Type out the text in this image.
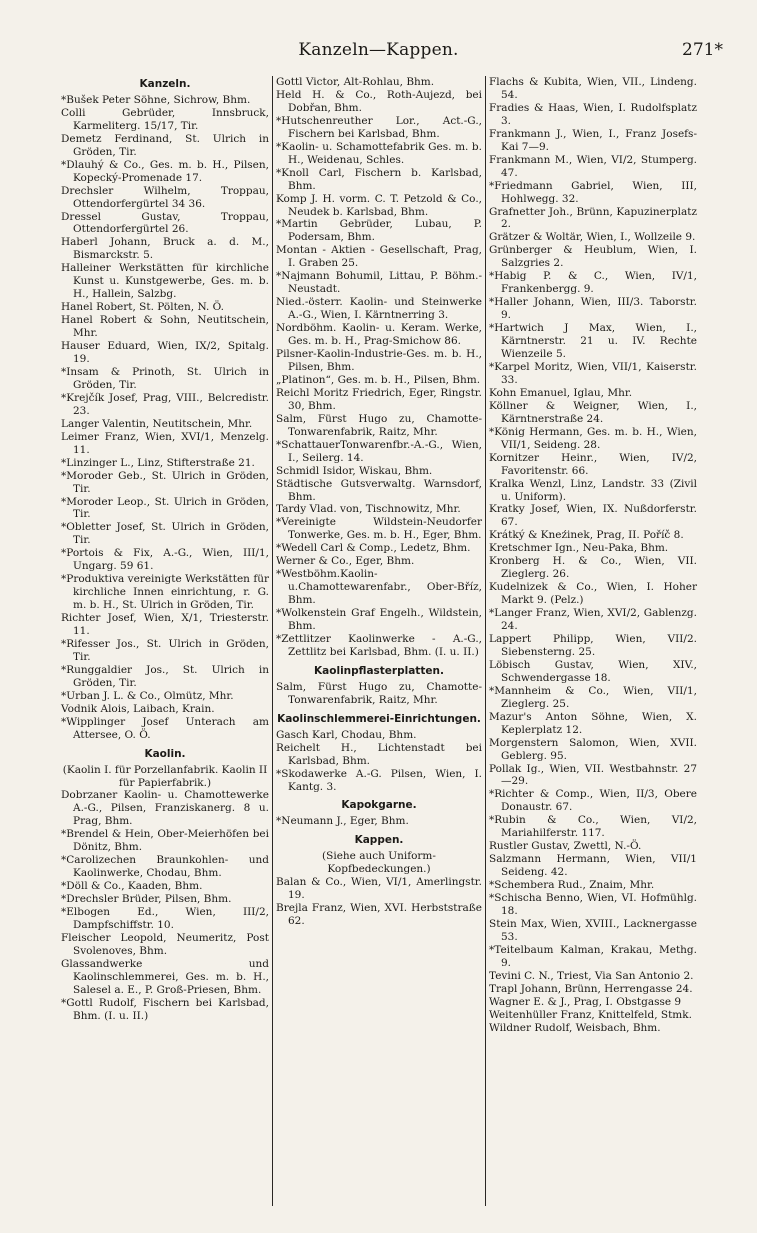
Kanzeln—Kappen.	271*
Kanzeln.
*Bušek Peter Söhne, Sichrow, Bhm.
Colli Gebrüder, Innsbruck, Karmeliterg. 15/17, Tir.
Demetz Ferdinand, St. Ulrich in Gröden, Tir.
*Dlauhý & Co., Ges. m. b. H., Pilsen, Kopecký-Promenade 17.
Drechsler Wilhelm, Troppau, Ottendorfergürtel 34 36.
Dressel Gustav, Troppau, Ottendorfergürtel 26.
Haberl Johann, Bruck a. d. M., Bismarckstr. 5.
Halleiner Werkstätten für kirchliche Kunst u. Kunstgewerbe, Ges. m. b. H., Hallein, Salzbg.
Hanel Robert, St. Pölten, N. Ö.
Hanel Robert & Sohn, Neutitschein, Mhr.
Hauser Eduard, Wien, IX/2, Spitalg. 19.
*Insam & Prinoth, St. Ulrich in Gröden, Tir.
*Krejčík Josef, Prag, VIII., Belcredistr. 23.
Langer Valentin, Neutitschein, Mhr.
Leimer Franz, Wien, XVI/1, Menzelg. 11.
*Linzinger L., Linz, Stifterstraße 21.
*Moroder Geb., St. Ulrich in Gröden, Tir.
*Moroder Leop., St. Ulrich in Gröden, Tir.
*Obletter Josef, St. Ulrich in Gröden, Tir.
*Portois & Fix, A.-G., Wien, III/1, Ungarg. 59 61.
*Produktiva vereinigte Werkstätten für kirchliche Innen einrichtung, r. G. m. b. H., St. Ulrich in Gröden, Tir.
Richter Josef, Wien, X/1, Triesterstr. 11.
*Rifesser Jos., St. Ulrich in Gröden, Tir.
*Runggaldier Jos., St. Ulrich in Gröden, Tir.
*Urban J. L. & Co., Olmütz, Mhr.
Vodnik Alois, Laibach, Krain.
*Wipplinger Josef Unterach am Attersee, O. Ö.
Kaolin.
(Kaolin I. für Porzellanfabrik. Kaolin II für Papierfabrik.)
Dobrzaner Kaolin- u. Chamottewerke A.-G., Pilsen, Franziskanerg. 8 u. Prag, Bhm.
*Brendel & Hein, Ober-Meierhöfen bei Dönitz, Bhm.
*Carolizechen Braunkohlen- und Kaolinwerke, Chodau, Bhm.
*Döll & Co., Kaaden, Bhm.
*Drechsler Brüder, Pilsen, Bhm.
*Elbogen Ed., Wien, III/2, Dampfschiffstr. 10.
Fleischer Leopold, Neumeritz, Post Svolenoves, Bhm.
Glassandwerke und Kaolinschlemmerei, Ges. m. b. H., Salesel a. E., P. Groß-Priesen, Bhm.
*Gottl Rudolf, Fischern bei Karlsbad, Bhm. (I. u. II.)
Gottl Victor, Alt-Rohlau, Bhm.
Held H. & Co., Roth-Aujezd, bei Dobřan, Bhm.
*Hutschenreuther Lor., Act.-G., Fischern bei Karlsbad, Bhm.
*Kaolin- u. Schamottefabrik Ges. m. b. H., Weidenau, Schles.
*Knoll Carl, Fischern b. Karlsbad, Bhm.
Komp J. H. vorm. C. T. Petzold & Co., Neudek b. Karlsbad, Bhm.
*Martin Gebrüder, Lubau, P. Podersam, Bhm.
Montan - Aktien - Gesellschaft, Prag, I. Graben 25.
*Najmann Bohumil, Littau, P. Böhm.-Neustadt.
Nied.-österr. Kaolin- und Steinwerke A.-G., Wien, I. Kärntnerring 3.
Nordböhm. Kaolin- u. Keram. Werke, Ges. m. b. H., Prag-Smichow 86.
Pilsner-Kaolin-Industrie-Ges. m. b. H., Pilsen, Bhm.
„Platinon“, Ges. m. b. H., Pilsen, Bhm.
Reichl Moritz Friedrich, Eger, Ringstr. 30, Bhm.
Salm, Fürst Hugo zu, Chamotte-Tonwarenfabrik, Raitz, Mhr.
*SchattauerTonwarenfbr.-A.-G., Wien, I., Seilerg. 14.
Schmidl Isidor, Wiskau, Bhm.
Städtische Gutsverwaltg. Warnsdorf, Bhm.
Tardy Vlad. von, Tischnowitz, Mhr.
*Vereinigte Wildstein-Neudorfer Tonwerke, Ges. m. b. H., Eger, Bhm.
*Wedell Carl & Comp., Ledetz, Bhm.
Werner & Co., Eger, Bhm.
*Westböhm.Kaolin-u.Chamottewarenfabr., Ober-Bříz, Bhm.
*Wolkenstein Graf Engelh., Wildstein, Bhm.
*Zettlitzer Kaolinwerke - A.-G., Zettlitz bei Karlsbad, Bhm. (I. u. II.)
Kaolinpflasterplatten.
Salm, Fürst Hugo zu, Chamotte-Tonwarenfabrik, Raitz, Mhr.
Kaolinschlemmerei-Einrichtungen.
Gasch Karl, Chodau, Bhm.
Reichelt H., Lichtenstadt bei Karlsbad, Bhm.
*Skodawerke A.-G. Pilsen, Wien, I. Kantg. 3.
Kapokgarne.
*Neumann J., Eger, Bhm.
Kappen.
(Siehe auch Uniform-Kopfbedeckungen.)
Balan & Co., Wien, VI/1, Amerlingstr. 19.
Brejla Franz, Wien, XVI. Herbststraße 62.
Flachs & Kubita, Wien, VII., Lindeng. 54.
Fradies & Haas, Wien, I. Rudolfsplatz 3.
Frankmann J., Wien, I., Franz Josefs-Kai 7—9.
Frankmann M., Wien, VI/2, Stumperg. 47.
*Friedmann Gabriel, Wien, III, Hohlwegg. 32.
Grafnetter Joh., Brünn, Kapuzinerplatz 2.
Grätzer & Woltär, Wien, I., Wollzeile 9.
Grünberger & Heublum, Wien, I. Salzgries 2.
*Habig P. & C., Wien, IV/1, Frankenbergg. 9.
*Haller Johann, Wien, III/3. Taborstr. 9.
*Hartwich J Max, Wien, I., Kärntnerstr. 21 u. IV. Rechte Wienzeile 5.
*Karpel Moritz, Wien, VII/1, Kaiserstr. 33.
Kohn Emanuel, Iglau, Mhr.
Köllner & Weigner, Wien, I., Kärntnerstraße 24.
*König Hermann, Ges. m. b. H., Wien, VII/1, Seideng. 28.
Kornitzer Heinr., Wien, IV/2, Favoritenstr. 66.
Kralka Wenzl, Linz, Landstr. 33 (Zivil u. Uniform).
Kratky Josef, Wien, IX. Nußdorferstr. 67.
Krátký & Kneźinek, Prag, II. Poříč 8.
Kretschmer Ign., Neu-Paka, Bhm.
Kronberg H. & Co., Wien, VII. Zieglerg. 26.
Kudelnizek & Co., Wien, I. Hoher Markt 9. (Pelz.)
*Langer Franz, Wien, XVI/2, Gablenzg. 24.
Lappert Philipp, Wien, VII/2. Siebensterng. 25.
Löbisch Gustav, Wien, XIV., Schwendergasse 18.
*Mannheim & Co., Wien, VII/1, Zieglerg. 25.
Mazur's Anton Söhne, Wien, X. Keplerplatz 12.
Morgenstern Salomon, Wien, XVII. Geblerg. 95.
Pollak Ig., Wien, VII. Westbahnstr. 27—29.
*Richter & Comp., Wien, II/3, Obere Donaustr. 67.
*Rubin & Co., Wien, VI/2, Mariahilferstr. 117.
Rustler Gustav, Zwettl, N.-Ö.
Salzmann Hermann, Wien, VII/1 Seideng. 42.
*Schembera Rud., Znaim, Mhr.
*Schischa Benno, Wien, VI. Hofmühlg. 18.
Stein Max, Wien, XVIII., Lacknergasse 53.
*Teitelbaum Kalman, Krakau, Methg. 9.
Tevini C. N., Triest, Via San Antonio 2.
Trapl Johann, Brünn, Herrengasse 24.
Wagner E. & J., Prag, I. Obstgasse 9
Weitenhüller Franz, Knittelfeld, Stmk.
Wildner Rudolf, Weisbach, Bhm.
